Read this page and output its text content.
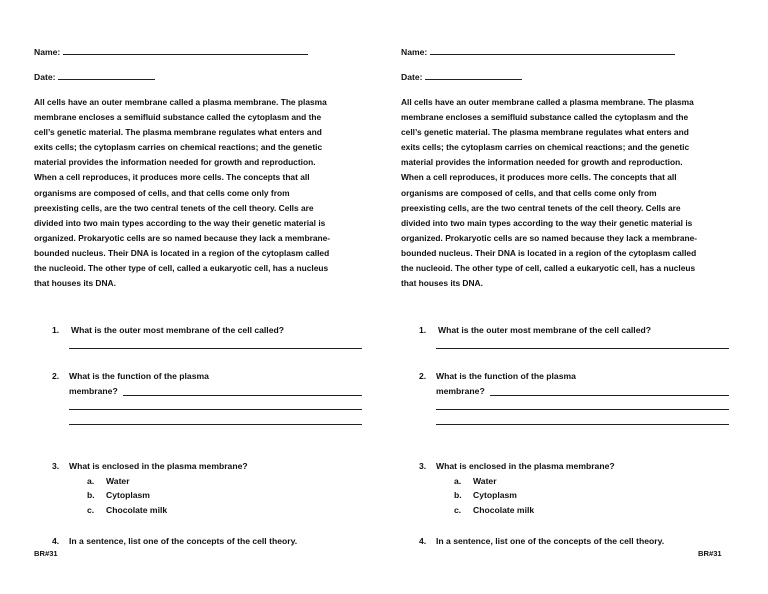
Name:
Date:
All cells have an outer membrane called a plasma membrane. The plasma
membrane encloses a semifluid substance called the cytoplasm and the
cell’s genetic material. The plasma membrane regulates what enters and
exits cells; the cytoplasm carries on chemical reactions; and the genetic
material provides the information needed for growth and reproduction.
When a cell reproduces, it produces more cells. The concepts that all
organisms are composed of cells, and that cells come only from
preexisting cells, are the two central tenets of the cell theory. Cells are
divided into two main types according to the way their genetic material is
organized. Prokaryotic cells are so named because they lack a membrane-
bounded nucleus. Their DNA is located in a region of the cytoplasm called
the nucleoid. The other type of cell, called a eukaryotic cell, has a nucleus
that houses its DNA.
1. What is the outer most membrane of the cell called?
2. What is the function of the plasma
membrane?
3. What is enclosed in the plasma membrane?
a. Water
b. Cytoplasm
c. Chocolate milk
4. In a sentence, list one of the concepts of the cell theory.
BR#31
Name:
Date:
All cells have an outer membrane called a plasma membrane. The plasma
membrane encloses a semifluid substance called the cytoplasm and the
cell’s genetic material. The plasma membrane regulates what enters and
exits cells; the cytoplasm carries on chemical reactions; and the genetic
material provides the information needed for growth and reproduction.
When a cell reproduces, it produces more cells. The concepts that all
organisms are composed of cells, and that cells come only from
preexisting cells, are the two central tenets of the cell theory. Cells are
divided into two main types according to the way their genetic material is
organized. Prokaryotic cells are so named because they lack a membrane-
bounded nucleus. Their DNA is located in a region of the cytoplasm called
the nucleoid. The other type of cell, called a eukaryotic cell, has a nucleus
that houses its DNA.
1. What is the outer most membrane of the cell called?
2. What is the function of the plasma
membrane?
3. What is enclosed in the plasma membrane?
a. Water
b. Cytoplasm
c. Chocolate milk
4. In a sentence, list one of the concepts of the cell theory.
BR#31
